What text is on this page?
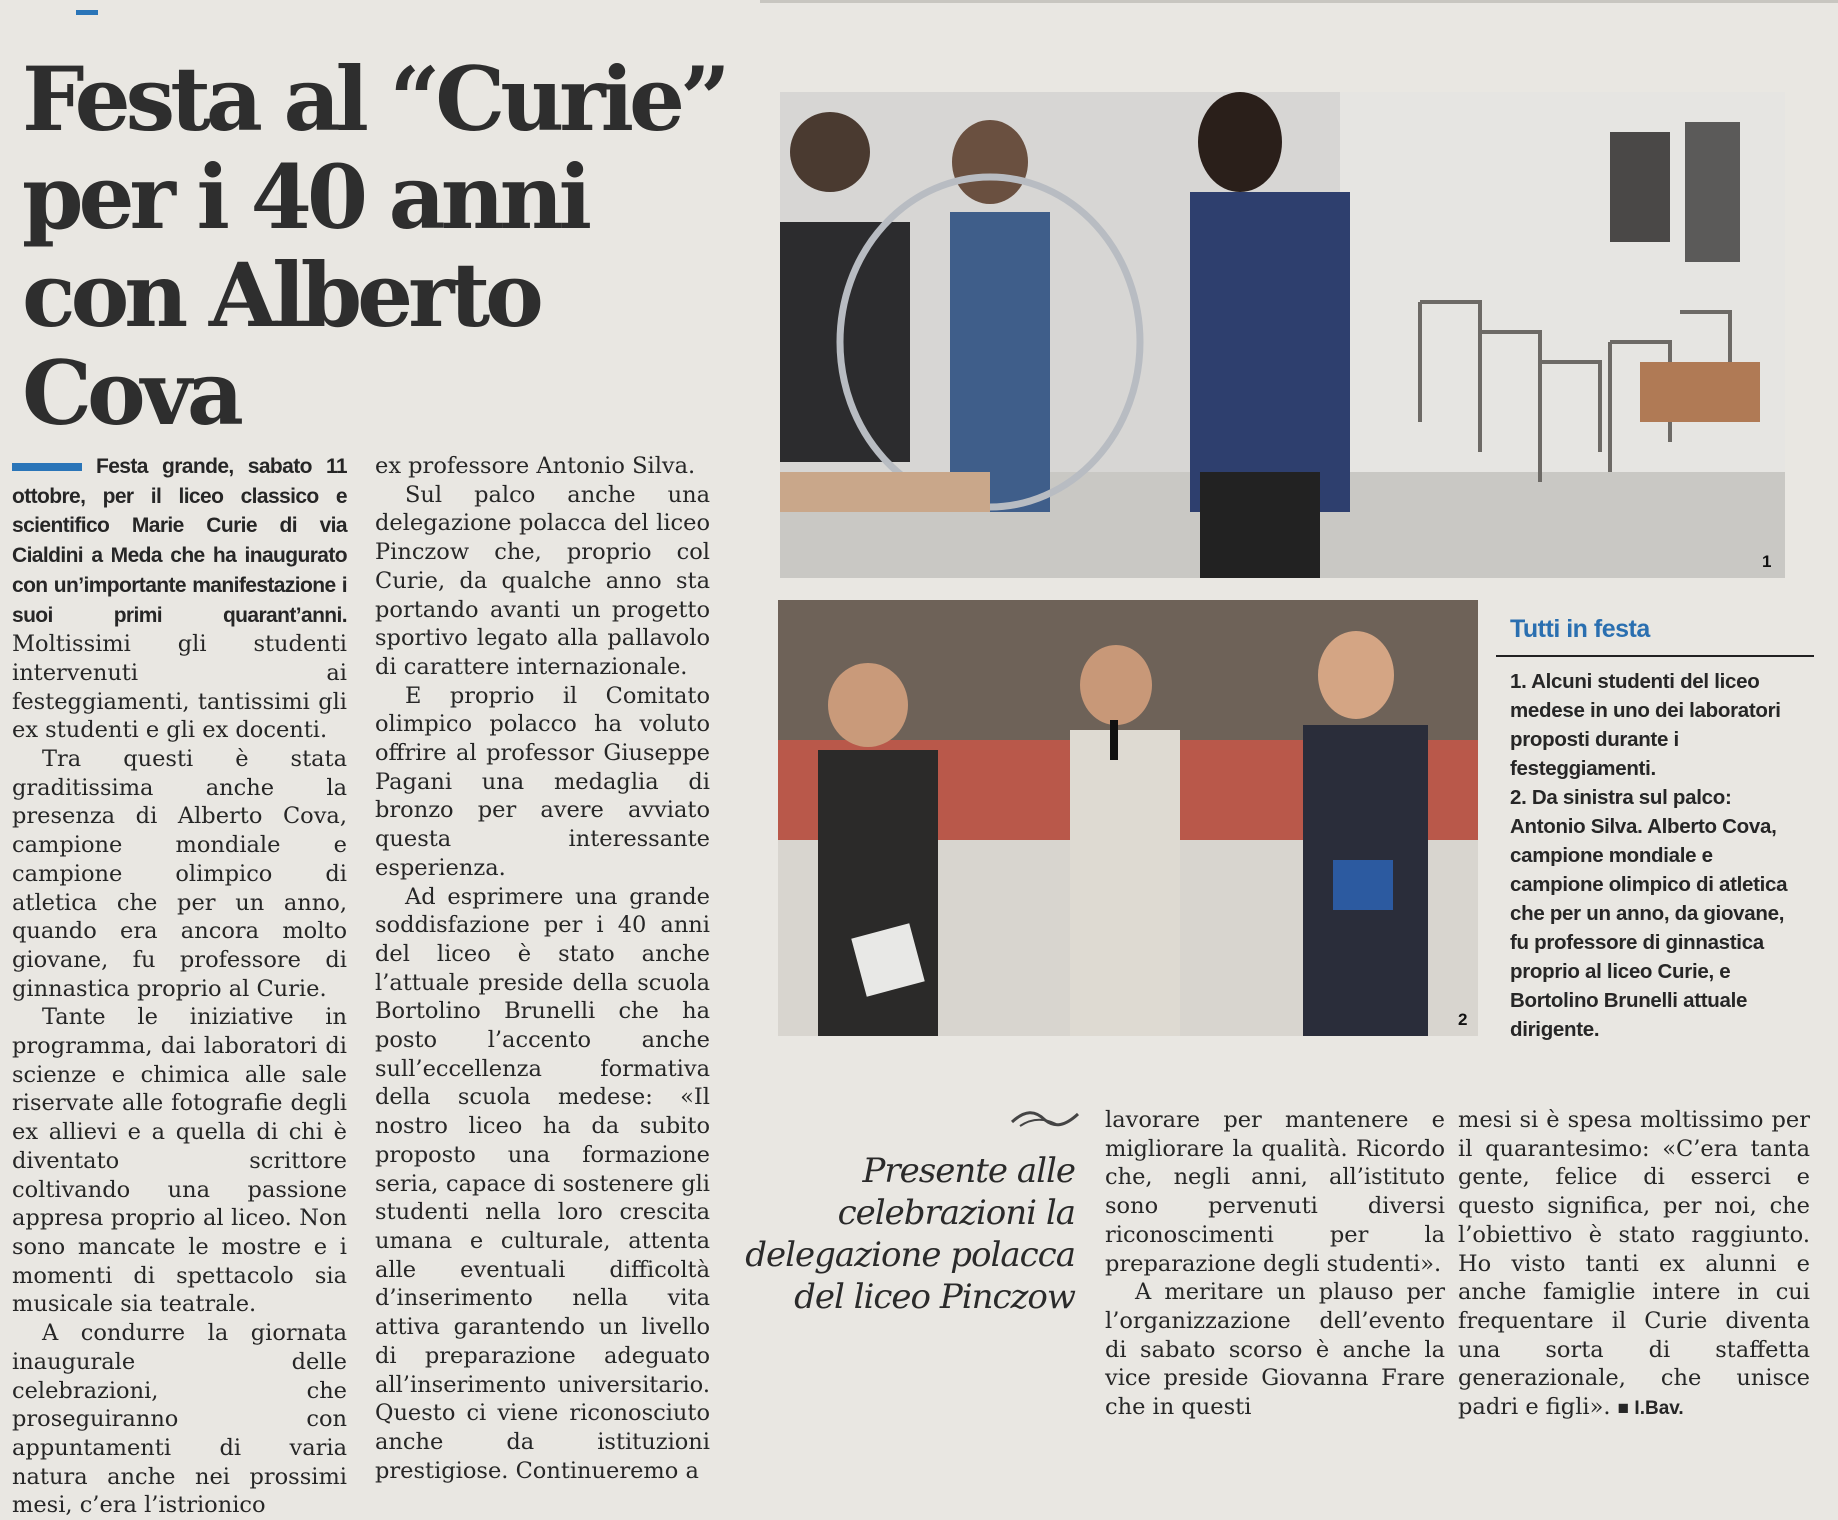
Festa al “Curie”
per i 40 anni
con Alberto Cova

Festa grande, sabato 11 ottobre, per il liceo classico e scientifico Marie Curie di via Cialdini a Meda che ha inaugurato con un’importante manifestazione i suoi primi quarant’anni. Moltissimi gli studenti intervenuti ai festeggiamenti, tantissimi gli ex studenti e gli ex docenti.

Tra questi è stata graditissima anche la presenza di Alberto Cova, campione mondiale e campione olimpico di atletica che per un anno, quando era ancora molto giovane, fu professore di ginnastica proprio al Curie.

Tante le iniziative in programma, dai laboratori di scienze e chimica alle sale riservate alle fotografie degli ex allievi e a quella di chi è diventato scrittore coltivando una passione appresa proprio al liceo. Non sono mancate le mostre e i momenti di spettacolo sia musicale sia teatrale.

A condurre la giornata inaugurale delle celebrazioni, che proseguiranno con appuntamenti di varia natura anche nei prossimi mesi, c’era l’istrionico

ex professore Antonio Silva.

Sul palco anche una delegazione polacca del liceo Pinczow che, proprio col Curie, da qualche anno sta portando avanti un progetto sportivo legato alla pallavolo di carattere internazionale.

E proprio il Comitato olimpico polacco ha voluto offrire al professor Giuseppe Pagani una medaglia di bronzo per avere avviato questa interessante esperienza.

Ad esprimere una grande soddisfazione per i 40 anni del liceo è stato anche l’attuale preside della scuola Bortolino Brunelli che ha posto l’accento anche sull’eccellenza formativa della scuola medese: «Il nostro liceo ha da subito proposto una formazione seria, capace di sostenere gli studenti nella loro crescita umana e culturale, attenta alle eventuali difficoltà d’inserimento nella vita attiva garantendo un livello di preparazione adeguato all’inserimento universitario. Questo ci viene riconosciuto anche da istituzioni prestigiose. Continueremo a

1
2
Tutti in festa

1. Alcuni studenti del liceo medese in uno dei laboratori proposti durante i festeggiamenti.

2. Da sinistra sul palco: Antonio Silva. Alberto Cova, campione mondiale e campione olimpico di atletica che per un anno, da giovane, fu professore di ginnastica proprio al liceo Curie, e Bortolino Brunelli attuale dirigente.

Presente alle celebrazioni la delegazione polacca del liceo Pinczow

lavorare per mantenere e migliorare la qualità. Ricordo che, negli anni, all’istituto sono pervenuti diversi riconoscimenti per la preparazione degli studenti».

A meritare un plauso per l’organizzazione dell’evento di sabato scorso è anche la vice preside Giovanna Frare che in questi

mesi si è spesa moltissimo per il quarantesimo: «C’era tanta gente, felice di esserci e questo significa, per noi, che l’obiettivo è stato raggiunto. Ho visto tanti ex alunni e anche famiglie intere in cui frequentare il Curie diventa una sorta di staffetta generazionale, che unisce padri e figli». ■ I.Bav.
